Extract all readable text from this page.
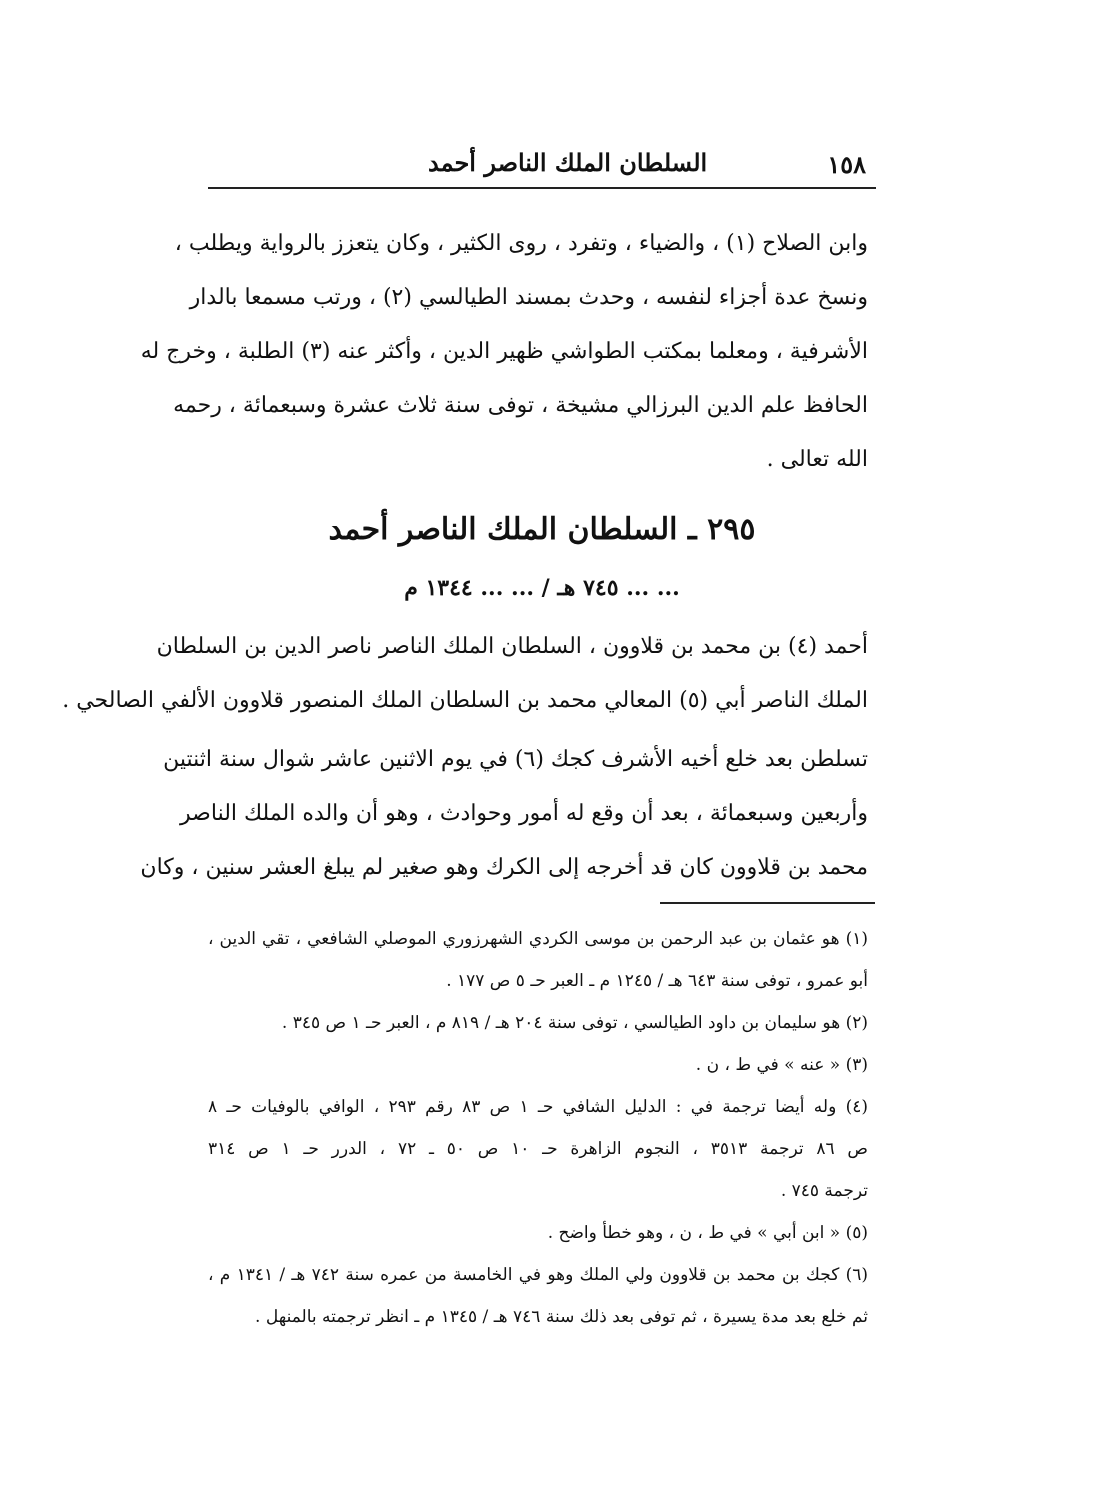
السلطان الملك الناصر أحمد	١٥٨
وابن الصلاح (١) ، والضياء ، وتفرد ، روى الكثير ، وكان يتعزز بالرواية ويطلب ،
ونسخ عدة أجزاء لنفسه ، وحدث بمسند الطيالسي (٢) ، ورتب مسمعا بالدار
الأشرفية ، ومعلما بمكتب الطواشي ظهير الدين ، وأكثر عنه (٣) الطلبة ، وخرج له
الحافظ علم الدين البرزالي مشيخة ، توفى سنة ثلاث عشرة وسبعمائة ، رحمه
الله تعالى .
٢٩٥ ـ السلطان الملك الناصر أحمد
... ... ٧٤٥ هـ / ... ... ١٣٤٤ م
أحمد (٤) بن محمد بن قلاوون ، السلطان الملك الناصر ناصر الدين بن السلطان
الملك الناصر أبي (٥) المعالي محمد بن السلطان الملك المنصور قلاوون الألفي الصالحي .
تسلطن بعد خلع أخيه الأشرف كجك (٦) في يوم الاثنين عاشر شوال سنة اثنتين
وأربعين وسبعمائة ، بعد أن وقع له أمور وحوادث ، وهو أن والده الملك الناصر
محمد بن قلاوون كان قد أخرجه إلى الكرك وهو صغير لم يبلغ العشر سنين ، وكان
(١) هو عثمان بن عبد الرحمن بن موسى الكردي الشهرزوري الموصلي الشافعي ، تقي الدين ،
أبو عمرو ، توفى سنة ٦٤٣ هـ / ١٢٤٥ م ـ العبر حـ ٥ ص ١٧٧ .
(٢) هو سليمان بن داود الطيالسي ، توفى سنة ٢٠٤ هـ / ٨١٩ م ، العبر حـ ١ ص ٣٤٥ .
(٣) « عنه » في ط ، ن .
(٤) وله أيضا ترجمة في : الدليل الشافي حـ ١ ص ٨٣ رقم ٢٩٣ ، الوافي بالوفيات حـ ٨
ص ٨٦ ترجمة ٣٥١٣ ، النجوم الزاهرة حـ ١٠ ص ٥٠ ـ ٧٢ ، الدرر حـ ١ ص ٣١٤
ترجمة ٧٤٥ .
(٥) « ابن أبي » في ط ، ن ، وهو خطأ واضح .
(٦) كجك بن محمد بن قلاوون ولي الملك وهو في الخامسة من عمره سنة ٧٤٢ هـ / ١٣٤١ م ،
ثم خلع بعد مدة يسيرة ، ثم توفى بعد ذلك سنة ٧٤٦ هـ / ١٣٤٥ م ـ انظر ترجمته بالمنهل .
